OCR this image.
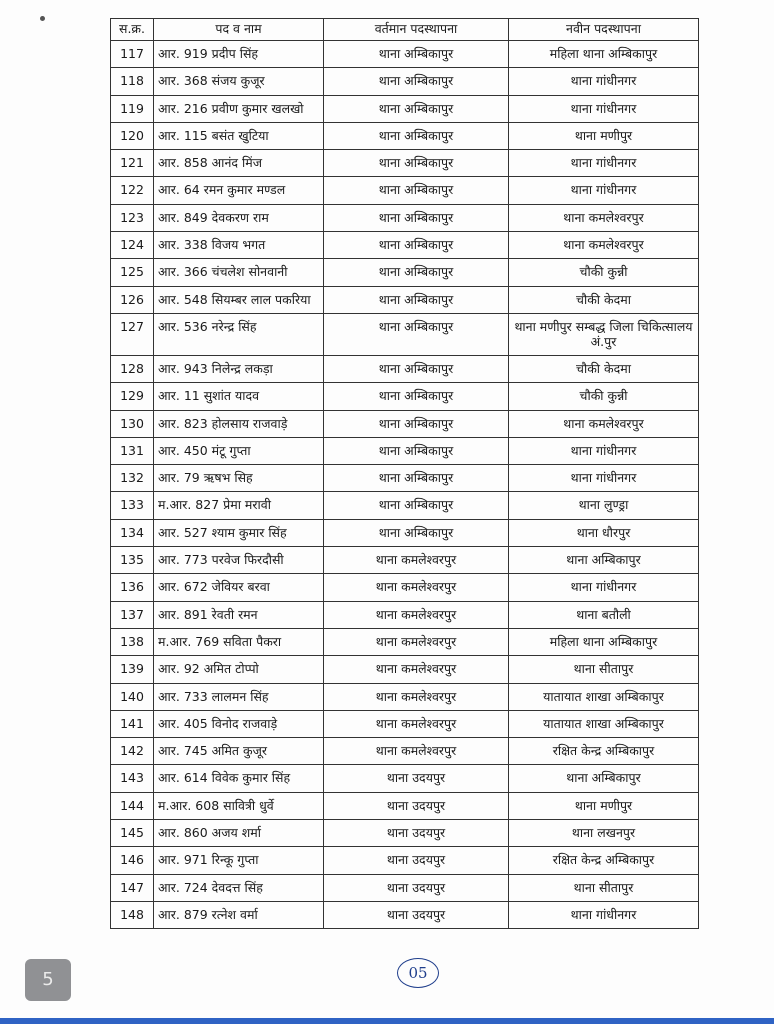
स.क्र.	पद व नाम	वर्तमान पदस्थापना	नवीन पदस्थापना
117	आर. 919 प्रदीप सिंह	थाना अम्बिकापुर	महिला थाना अम्बिकापुर
118	आर. 368 संजय कुजूर	थाना अम्बिकापुर	थाना गांधीनगर
119	आर. 216 प्रवीण कुमार खलखो	थाना अम्बिकापुर	थाना गांधीनगर
120	आर. 115 बसंत खुटिया	थाना अम्बिकापुर	थाना मणीपुर
121	आर. 858 आनंद मिंज	थाना अम्बिकापुर	थाना गांधीनगर
122	आर. 64 रमन कुमार मण्डल	थाना अम्बिकापुर	थाना गांधीनगर
123	आर. 849 देवकरण राम	थाना अम्बिकापुर	थाना कमलेश्वरपुर
124	आर. 338 विजय भगत	थाना अम्बिकापुर	थाना कमलेश्वरपुर
125	आर. 366 चंचलेश सोनवानी	थाना अम्बिकापुर	चौकी कुन्नी
126	आर. 548 सियम्बर लाल पकरिया	थाना अम्बिकापुर	चौकी केदमा
127	आर. 536 नरेन्द्र सिंह	थाना अम्बिकापुर	थाना मणीपुर सम्बद्ध जिला चिकित्सालय अं.पुर
128	आर. 943 निलेन्द्र लकड़ा	थाना अम्बिकापुर	चौकी केदमा
129	आर. 11 सुशांत यादव	थाना अम्बिकापुर	चौकी कुन्नी
130	आर. 823 होलसाय राजवाड़े	थाना अम्बिकापुर	थाना कमलेश्वरपुर
131	आर. 450 मंटू गुप्ता	थाना अम्बिकापुर	थाना गांधीनगर
132	आर. 79 ऋषभ सिह	थाना अम्बिकापुर	थाना गांधीनगर
133	म.आर. 827 प्रेमा मरावी	थाना अम्बिकापुर	थाना लुण्ड्रा
134	आर. 527 श्याम कुमार सिंह	थाना अम्बिकापुर	थाना धौरपुर
135	आर. 773 परवेज फिरदौसी	थाना कमलेश्वरपुर	थाना अम्बिकापुर
136	आर. 672 जेवियर बरवा	थाना कमलेश्वरपुर	थाना गांधीनगर
137	आर. 891 रेवती रमन	थाना कमलेश्वरपुर	थाना बतौली
138	म.आर. 769 सविता पैकरा	थाना कमलेश्वरपुर	महिला थाना अम्बिकापुर
139	आर. 92 अमित टोप्पो	थाना कमलेश्वरपुर	थाना सीतापुर
140	आर. 733 लालमन सिंह	थाना कमलेश्वरपुर	यातायात शाखा अम्बिकापुर
141	आर. 405 विनोद राजवाड़े	थाना कमलेश्वरपुर	यातायात शाखा अम्बिकापुर
142	आर. 745 अमित कुजूर	थाना कमलेश्वरपुर	रक्षित केन्द्र अम्बिकापुर
143	आर. 614 विवेक कुमार सिंह	थाना उदयपुर	थाना अम्बिकापुर
144	म.आर. 608 सावित्री धुर्वे	थाना उदयपुर	थाना मणीपुर
145	आर. 860 अजय शर्मा	थाना उदयपुर	थाना लखनपुर
146	आर. 971 रिन्कू गुप्ता	थाना उदयपुर	रक्षित केन्द्र अम्बिकापुर
147	आर. 724 देवदत्त सिंह	थाना उदयपुर	थाना सीतापुर
148	आर. 879 रत्नेश वर्मा	थाना उदयपुर	थाना गांधीनगर
05
5
